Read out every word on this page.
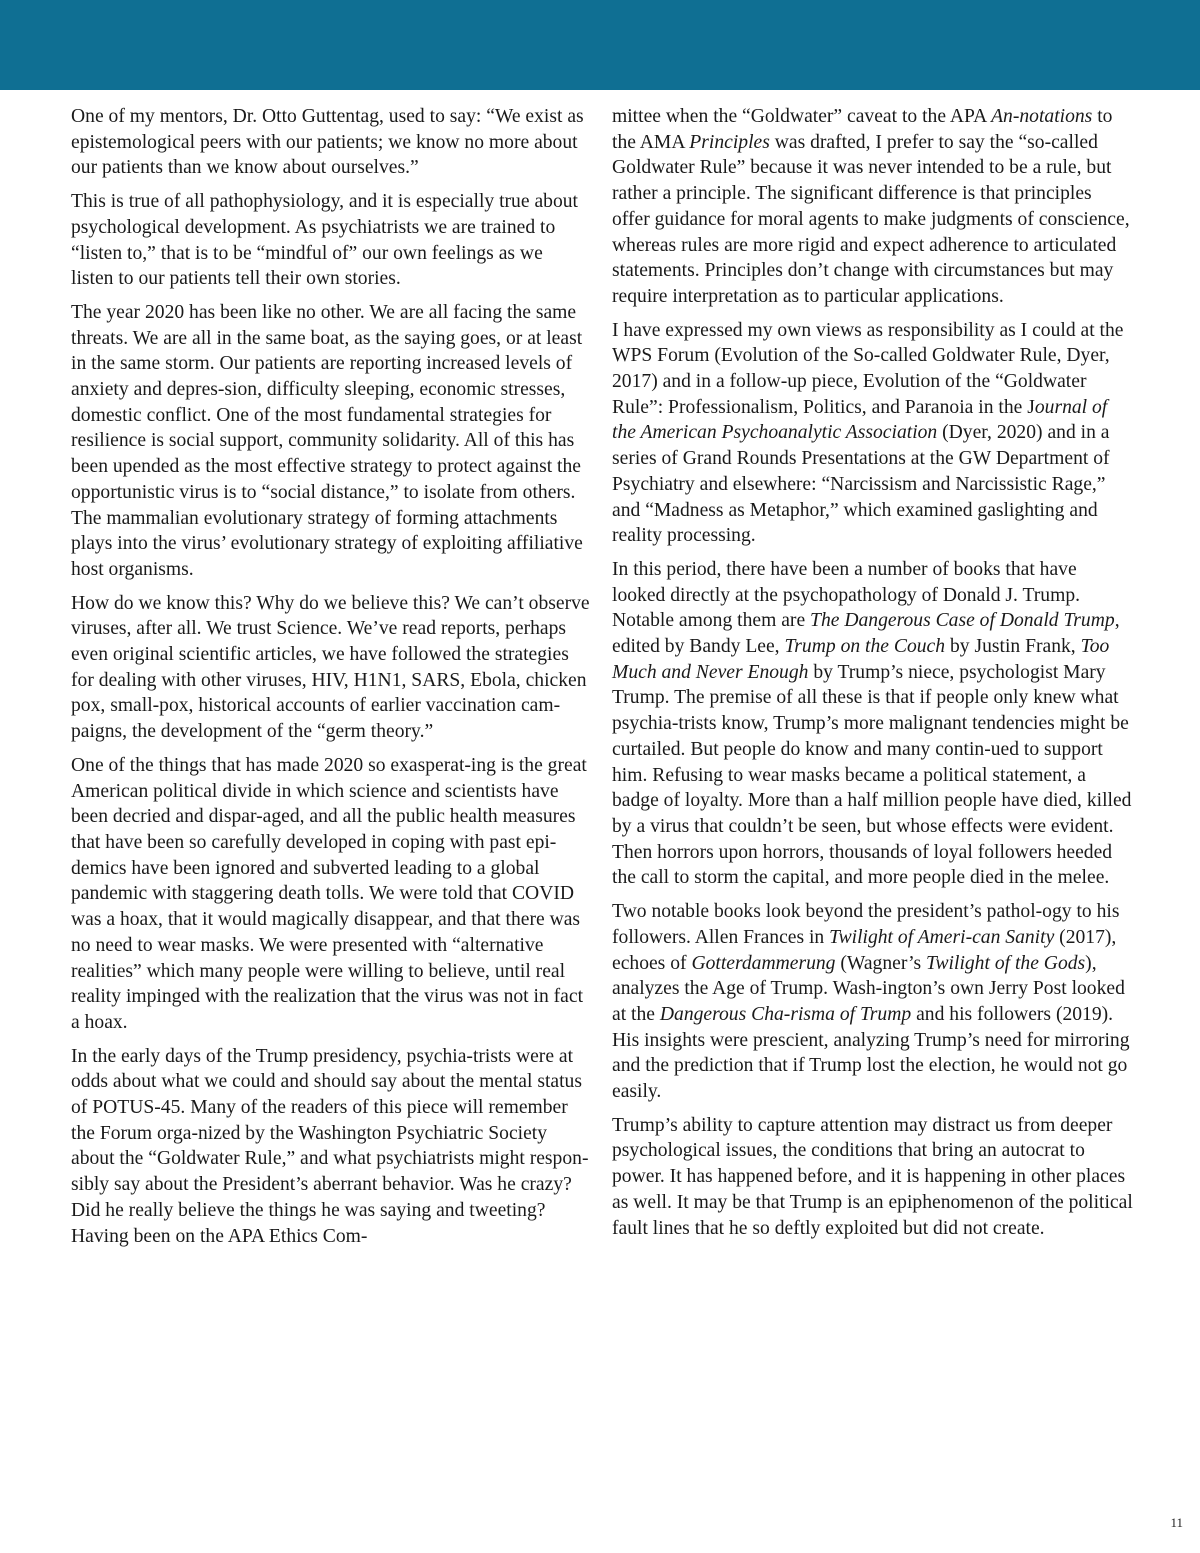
One of my mentors, Dr. Otto Guttentag, used to say: “We exist as epistemological peers with our patients; we know no more about our patients than we know about ourselves.”

This is true of all pathophysiology, and it is especially true about psychological development. As psychiatrists we are trained to “listen to,” that is to be “mindful of” our own feelings as we listen to our patients tell their own stories.

The year 2020 has been like no other. We are all facing the same threats. We are all in the same boat, as the saying goes, or at least in the same storm. Our patients are reporting increased levels of anxiety and depres-sion, difficulty sleeping, economic stresses, domestic conflict. One of the most fundamental strategies for resilience is social support, community solidarity. All of this has been upended as the most effective strategy to protect against the opportunistic virus is to “social distance,” to isolate from others. The mammalian evolutionary strategy of forming attachments plays into the virus’ evolutionary strategy of exploiting affiliative host organisms.

How do we know this? Why do we believe this? We can’t observe viruses, after all. We trust Science. We’ve read reports, perhaps even original scientific articles, we have followed the strategies for dealing with other viruses, HIV, H1N1, SARS, Ebola, chicken pox, small-pox, historical accounts of earlier vaccination cam-paigns, the development of the “germ theory.”

One of the things that has made 2020 so exasperat-ing is the great American political divide in which science and scientists have been decried and dispar-aged, and all the public health measures that have been so carefully developed in coping with past epi-demics have been ignored and subverted leading to a global pandemic with staggering death tolls. We were told that COVID was a hoax, that it would magically disappear, and that there was no need to wear masks. We were presented with “alternative realities” which many people were willing to believe, until real reality impinged with the realization that the virus was not in fact a hoax.

In the early days of the Trump presidency, psychia-trists were at odds about what we could and should say about the mental status of POTUS-45. Many of the readers of this piece will remember the Forum orga-nized by the Washington Psychiatric Society about the “Goldwater Rule,” and what psychiatrists might respon-sibly say about the President’s aberrant behavior. Was he crazy? Did he really believe the things he was saying and tweeting? Having been on the APA Ethics Com-

mittee when the “Goldwater” caveat to the APA An-notations to the AMA Principles was drafted, I prefer to say the “so-called Goldwater Rule” because it was never intended to be a rule, but rather a principle. The significant difference is that principles offer guidance for moral agents to make judgments of conscience, whereas rules are more rigid and expect adherence to articulated statements. Principles don’t change with circumstances but may require interpretation as to particular applications.

I have expressed my own views as responsibility as I could at the WPS Forum (Evolution of the So-called Goldwater Rule, Dyer, 2017) and in a follow-up piece, Evolution of the “Goldwater Rule”: Professionalism, Politics, and Paranoia in the Journal of the American Psychoanalytic Association (Dyer, 2020) and in a series of Grand Rounds Presentations at the GW Department of Psychiatry and elsewhere: “Narcissism and Narcissistic Rage,” and “Madness as Metaphor,” which examined gaslighting and reality processing.

In this period, there have been a number of books that have looked directly at the psychopathology of Donald J. Trump. Notable among them are The Dangerous Case of Donald Trump, edited by Bandy Lee, Trump on the Couch by Justin Frank, Too Much and Never Enough by Trump’s niece, psychologist Mary Trump. The premise of all these is that if people only knew what psychia-trists know, Trump’s more malignant tendencies might be curtailed. But people do know and many contin-ued to support him. Refusing to wear masks became a political statement, a badge of loyalty. More than a half million people have died, killed by a virus that couldn’t be seen, but whose effects were evident. Then horrors upon horrors, thousands of loyal followers heeded the call to storm the capital, and more people died in the melee.

Two notable books look beyond the president’s pathol-ogy to his followers. Allen Frances in Twilight of Ameri-can Sanity (2017), echoes of Gotterdammerung (Wagner’s Twilight of the Gods), analyzes the Age of Trump. Wash-ington’s own Jerry Post looked at the Dangerous Cha-risma of Trump and his followers (2019). His insights were prescient, analyzing Trump’s need for mirroring and the prediction that if Trump lost the election, he would not go easily.

Trump’s ability to capture attention may distract us from deeper psychological issues, the conditions that bring an autocrat to power. It has happened before, and it is happening in other places as well. It may be that Trump is an epiphenomenon of the political fault lines that he so deftly exploited but did not create.

11
